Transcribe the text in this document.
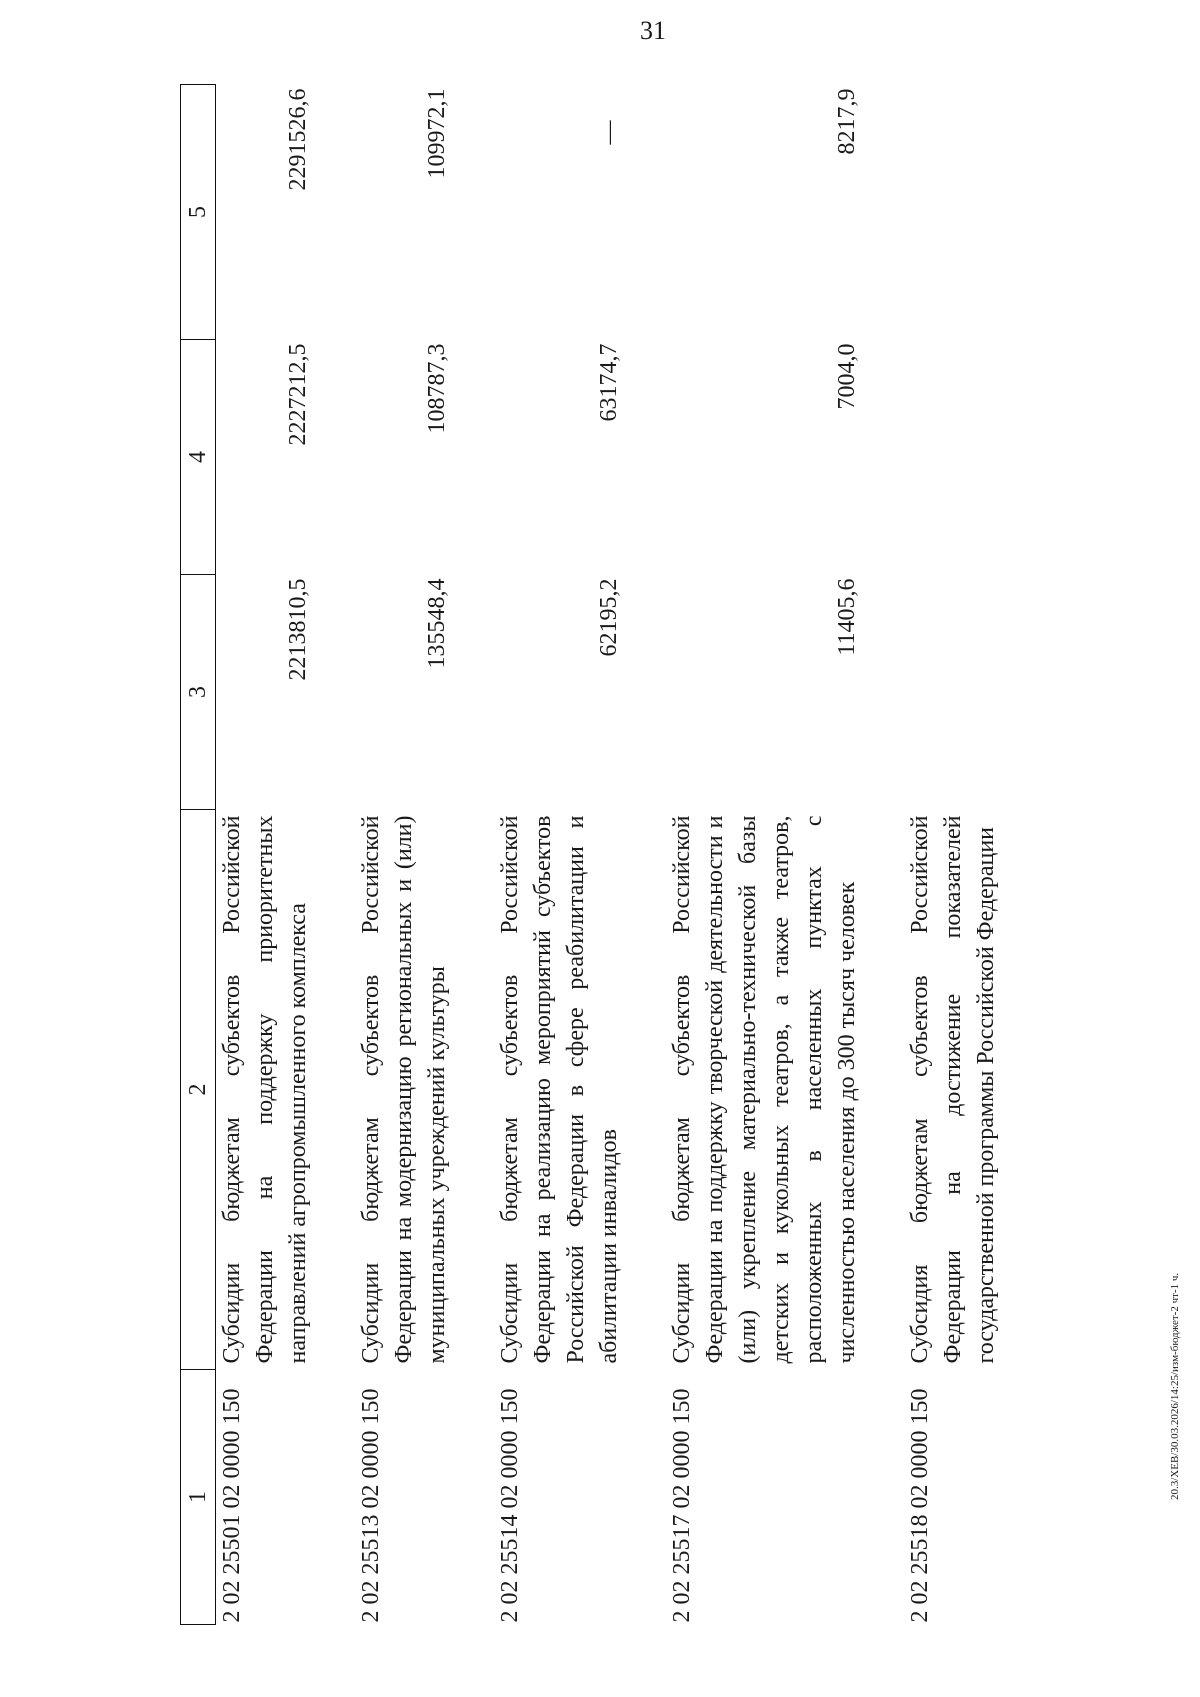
31
20.3/XEB/30.03.2026/14:25/изм-бюджет-2 чт-1 ч.
1	2	3	4	5
2 02 25501 02 0000 150	Субсидии бюджетам субъектов Российской Федерации на поддержку приоритетных направлений агропромышленного комплекса	2213810,5	2227212,5	2291526,6
2 02 25513 02 0000 150	Субсидии бюджетам субъектов Российской Федерации на модернизацию региональных и (или) муниципальных учреждений культуры	135548,4	108787,3	109972,1
2 02 25514 02 0000 150	Субсидии бюджетам субъектов Российской Федерации на реализацию мероприятий субъектов Российской Федерации в сфере реабилитации и абилитации инвалидов	62195,2	63174,7	—
2 02 25517 02 0000 150	Субсидии бюджетам субъектов Российской Федерации на поддержку творческой деятельности и (или) укрепление материально-технической базы детских и кукольных театров, а также театров, расположенных в населенных пунктах с численностью населения до 300 тысяч человек	11405,6	7004,0	8217,9
2 02 25518 02 0000 150	Субсидия бюджетам субъектов Российской Федерации на достижение показателей государственной программы Российской Федерации			
